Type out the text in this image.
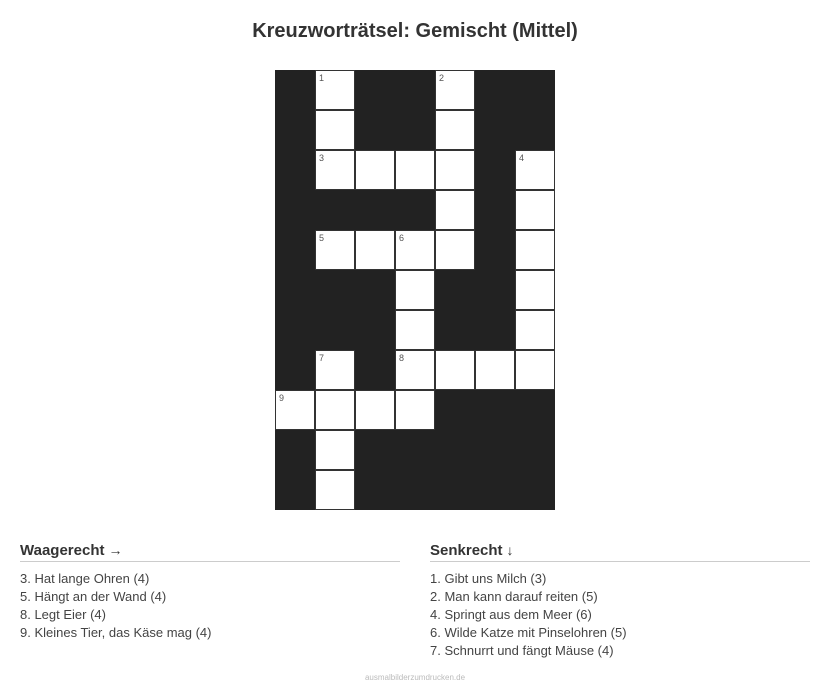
Kreuzworträtsel: Gemischt (Mittel)
1	2
3	4
5	6
7	8
9
Waagerecht →
3. Hat lange Ohren (4)
5. Hängt an der Wand (4)
8. Legt Eier (4)
9. Kleines Tier, das Käse mag (4)
Senkrecht ↓
1. Gibt uns Milch (3)
2. Man kann darauf reiten (5)
4. Springt aus dem Meer (6)
6. Wilde Katze mit Pinselohren (5)
7. Schnurrt und fängt Mäuse (4)
ausmalbilderzumdrucken.de
